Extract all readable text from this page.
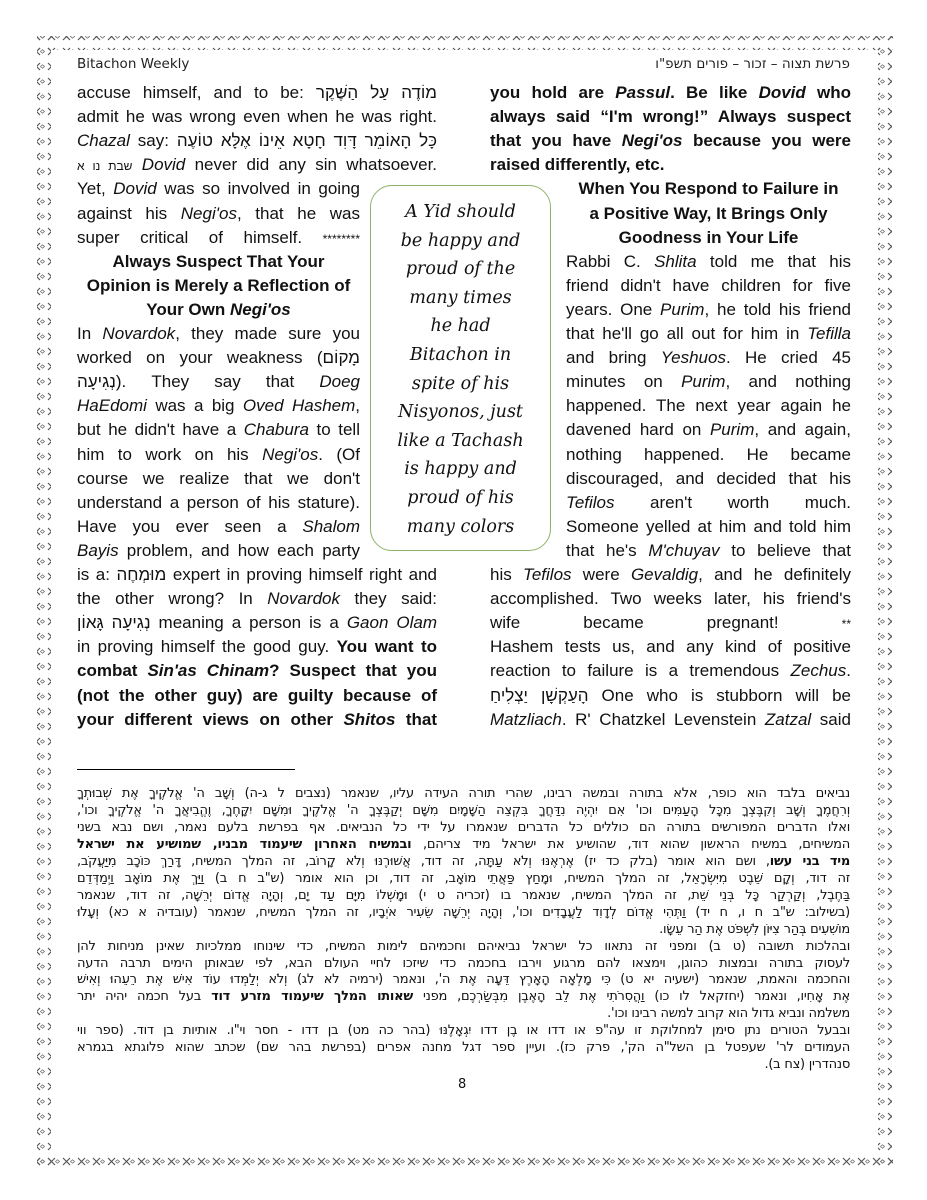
Bitachon Weekly	פרשת תצוה – זכור – פורים תשפ"ו
accuse himself, and to be: מוֹדֶה עַל הַשֶּׁקֶר
admit he was wrong even when he was right.
Chazal say: כָּל הָאוֹמֵר דָּוִד חָטָא אֵינוֹ אֶלָּא טוֹעֶה
שבת נו א Dovid never did any sin whatsoever.
Yet, Dovid was so involved in going
against his Negi'os, that he was
super critical of himself. ********
Always Suspect That Your
Opinion is Merely a Reflection of
Your Own Negi'os
In Novardok, they made sure you
worked on your weakness (מָקוֹם
נְגִיעָה). They say that Doeg
HaEdomi was a big Oved Hashem,
but he didn't have a Chabura to tell
him to work on his Negi'os. (Of
course we realize that we don't
understand a person of his stature).
Have you ever seen a Shalom
Bayis problem, and how each party
is a: מוּמְחֶה expert in proving himself right and
the other wrong? In Novardok they said:
נְגִיעָה גָּאוֹן meaning a person is a Gaon Olam
in proving himself the good guy. You want to
combat Sin'as Chinam? Suspect that you
(not the other guy) are guilty because of
your different views on other Shitos that
you hold are Passul. Be like Dovid who
always said “I'm wrong!” Always suspect
that you have Negi'os because you were
raised differently, etc.
When You Respond to Failure in
a Positive Way, It Brings Only
Goodness in Your Life
Rabbi C. Shlita told me that his
friend didn't have children for five
years. One Purim, he told his friend
that he'll go all out for him in Tefilla
and bring Yeshuos. He cried 45
minutes on Purim, and nothing
happened. The next year again he
davened hard on Purim, and again,
nothing happened. He became
discouraged, and decided that his
Tefilos aren't worth much.
Someone yelled at him and told him
that he's M'chuyav to believe that
his Tefilos were Gevaldig, and he definitely
accomplished. Two weeks later, his friend's
wife became pregnant! **
Hashem tests us, and any kind of positive
reaction to failure is a tremendous Zechus.
הָעַקְשָׁן יַצְלִיחַ One who is stubborn will be
Matzliach. R' Chatzkel Levenstein Zatzal said
A Yid should
be happy and
proud of the
many times
he had
Bitachon in
spite of his
Nisyonos, just
like a Tachash
is happy and
proud of his
many colors
נביאים בלבד הוא כופר, אלא בתורה ובמשה רבינו, שהרי תורה העידה עליו, שנאמר (נצבים ל ג-ה) וְשָׁב ה' אֱלֹקֶיךָ אֶת שְׁבוּתְךָ
וְרִחֲמֶךָ וְשָׁב וְקִבֶּצְךָ מִכָּל הָעַמִּים וכו' אִם יִהְיֶה נִדַּחֲךָ בִּקְצֵה הַשָּׁמָיִם מִשָּׁם יְקַבֶּצְךָ ה' אֱלֹקֶיךָ וּמִשָּׁם יִקָּחֶךָ, וֶהֱבִיאֲךָ ה' אֱלֹקֶיךָ וכו',
ואלו הדברים המפורשים בתורה הם כוללים כל הדברים שנאמרו על ידי כל הנביאים. אף בפרשת בלעם נאמר, ושם נבא בשני
המשיחים, במשיח הראשון שהוא דוד, שהושיע את ישראל מיד צריהם, ובמשיח האחרון שיעמוד מבניו, שמושיע את ישראל
מיד בני עשו, ושם הוא אומר (בלק כד יז) אֶרְאֶנּוּ וְלֹא עַתָּה, זה דוד, אֲשׁוּרֶנּוּ וְלֹא קָרוֹב, זה המלך המשיח, דָּרַךְ כּוֹכָב מִיַּעֲקֹב,
זה דוד, וְקָם שֵׁבֶט מִיִּשְׂרָאֵל, זה המלך המשיח, וּמָחַץ פַּאֲתֵי מוֹאָב, זה דוד, וכן הוא אומר (ש"ב ח ב) וַיַּךְ אֶת מוֹאָב וַיְמַדְּדֵם
בַּחֶבֶל, וְקַרְקַר כָּל בְּנֵי שֵׁת, זה המלך המשיח, שנאמר בו (זכריה ט י) וּמָשְׁלוֹ מִיָּם עַד יָם, וְהָיָה אֱדוֹם יְרֵשָׁה, זה דוד, שנאמר
(בשילוב: ש"ב ח ו, ח יד) וַתְּהִי אֱדוֹם לְדָוִד לַעֲבָדִים וכו', וְהָיָה יְרֵשָׁה שֵׂעִיר אֹיְבָיו, זה המלך המשיח, שנאמר (עובדיה א כא) וְעָלוּ
מוֹשִׁעִים בְּהַר צִיּוֹן לִשְׁפֹּט אֶת הַר עֵשָׂו.
ובהלכות תשובה (ט ב) ומפני זה נתאוו כל ישראל נביאיהם וחכמיהם לימות המשיח, כדי שינוחו ממלכיות שאינן מניחות להן
לעסוק בתורה ובמצות כהוגן, וימצאו להם מרגוע וירבו בחכמה כדי שיזכו לחיי העולם הבא, לפי שבאותן הימים תרבה הדעה
והחכמה והאמת, שנאמר (ישעיה יא ט) כִּי מָלְאָה הָאָרֶץ דֵּעָה אֶת ה', ונאמר (ירמיה לא לג) וְלֹא יְלַמְּדוּ עוֹד אִישׁ אֶת רֵעֵהוּ וְאִישׁ
אֶת אָחִיו, ונאמר (יחזקאל לו כו) וַהֲסִרֹתִי אֶת לֵב הָאֶבֶן מִבְּשַׂרְכֶם, מפני שאותו המלך שיעמוד מזרע דוד בעל חכמה יהיה יתר
משלמה ונביא גדול הוא קרוב למשה רבינו וכו'.
ובבעל הטורים נתן סימן למחלוקת זו עה"פ או דדו או בֶן דדו יִגְאָלֶנּוּ (בהר כה מט) בן דדו - חסר וי"ו. אותיות בן דוד. (ספר ווי
העמודים לר' שעפטל בן השל"ה הק', פרק כז). ועיין ספר דגל מחנה אפרים (בפרשת בהר שם) שכתב שהוא פלוגתא בגמרא
סנהדרין (צח ב).
8
